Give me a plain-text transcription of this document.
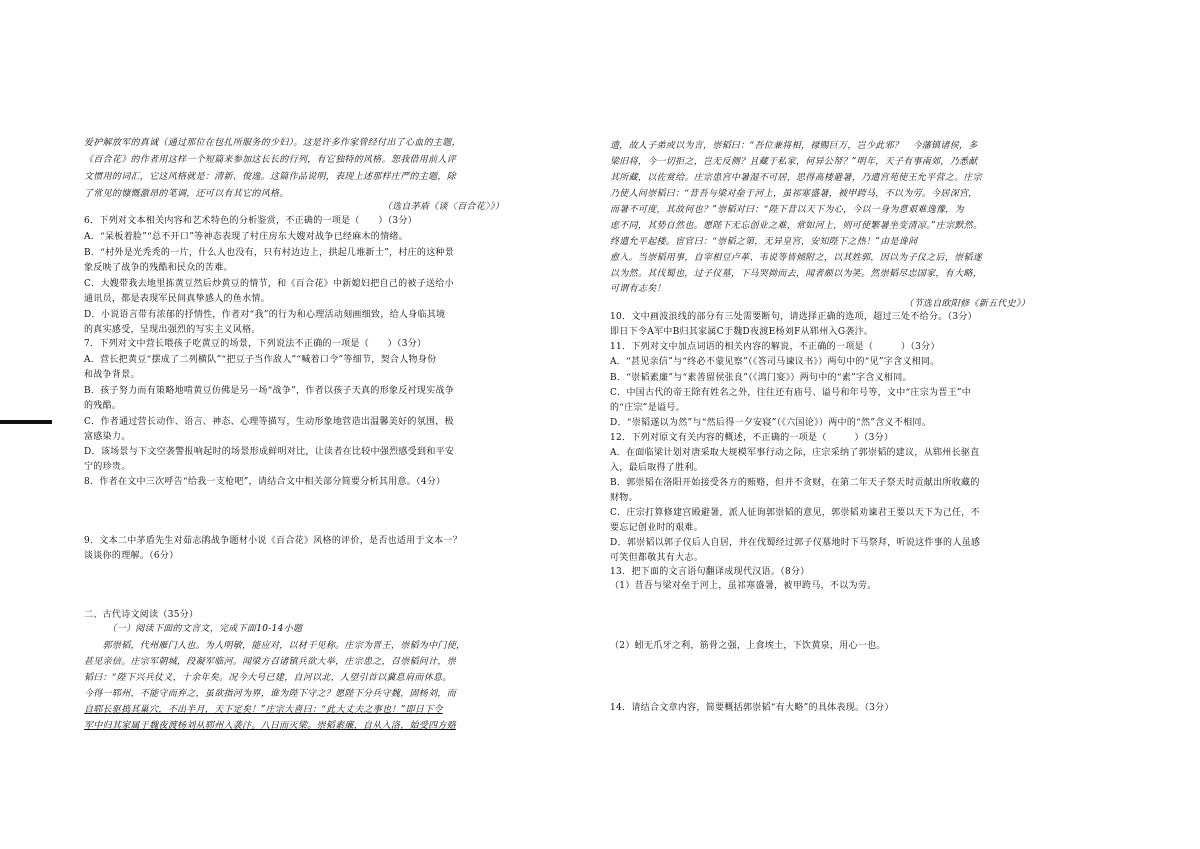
爱护解放军的真诚（通过那位在包扎所服务的少妇）。这是许多作家曾经付出了心血的主题，
《百合花》的作者用这样一个短篇来参加这长长的行列，有它独特的风格。恕我借用前人评
文惯用的词汇，它这风格就是：清新、俊逸。这篇作品说明，表现上述那样庄严的主题，除
了常见的慷慨激昂的笔调，还可以有其它的风格。
（选自茅盾《谈〈百合花〉》）
6．下列对文本相关内容和艺术特色的分析鉴赏，不正确的一项是（　　）（3分）
A．“呆板着脸”“总不开口”等神态表现了村庄房东大嫂对战争已经麻木的情绪。
B．“村外是光秃秃的一片，什么人也没有，只有村边边上，拱起几堆新土”，村庄的这种景
象反映了战争的残酷和民众的苦难。
C．大嫂带我去地里拣黄豆然后炒黄豆的情节，和《百合花》中新媳妇把自己的被子送给小
通讯员，都是表现军民间真挚感人的鱼水情。
D．小说语言带有浓郁的抒情性，作者对“我”的行为和心理活动刻画细致，给人身临其境
的真实感受，呈现出强烈的写实主义风格。
7．下列对文中营长喂孩子吃黄豆的场景，下列说法不正确的一项是（　　）（3分）
A．营长把黄豆“摆成了二列横队”“把豆子当作敌人”“喊着口令”等细节，契合人物身份
和战争背景。
B．孩子努力而有策略地啃黄豆仿佛是另一场“战争”，作者以孩子天真的形象反衬现实战争
的残酷。
C．作者通过营长动作、语言、神态、心理等描写，生动形象地营造出温馨美好的氛围，极
富感染力。
D．该场景与下文空袭警报响起时的场景形成鲜明对比，让读者在比较中强烈感受到和平安
宁的珍贵。
8．作者在文中三次呼告“给我一支枪吧”，请结合文中相关部分简要分析其用意。（4分）
9．文本二中茅盾先生对茹志鹃战争题材小说《百合花》风格的评价，是否也适用于文本一？
谈谈你的理解。（6分）
二、古代诗文阅读（35分）
　　　（一）阅读下面的文言文，完成下面10-14小题
　　郭崇韬，代州雁门人也。为人明敏，能应对，以材干见称。庄宗为晋王，崇韬为中门使，
甚见亲信。庄宗军朝城，段凝军临河。闻梁方召诸镇兵欲大举，庄宗患之，召崇韬问计，崇
韬曰：“陛下兴兵仗义，十余年矣。况今大号已建，自河以北，人望引首以冀息肩而休息。
今得一郓州，不能守而弃之，虽欲指河为界，谁为陛下守之？愿陛下分兵守魏，固杨刘，而
自郓长驱捣其巢穴，不出半月，天下定矣！”庄宗大喜曰：“此大丈夫之事也！”即日下令
军中归其家属于魏夜渡杨刘从郓州入袭汴。八日而灭梁。崇韬素廉，自从入洛，始受四方赂
遗，故人子弟或以为言，崇韬曰：“吾位兼将相，禄赐巨万，岂少此邪？　今藩镇诸侯，多
梁旧将，今一切拒之，岂无反侧？且藏于私家，何异公帑？”明年，天子有事南郊，乃悉献
其所藏，以佐赏给。庄宗患宫中暑湿不可居，思得高楼避暑，乃遣宫苑使王允平营之。庄宗
乃使人问崇韬曰：“昔吾与梁对垒于河上，虽祁寒盛暑，被甲跨马，不以为劳。今居深宫，
而暑不可度，其故何也？”崇韬对曰：“陛下昔以天下为心，今以一身为意艰难逸豫，为
虑不同，其势自然也。愿陛下无忘创业之难，常如河上，则可使繁暑坐变清凉。”庄宗默然。
终遣允平起楼。宦官曰：“崇韬之第，无异皇宫，安知陛下之热！”由是谗间
愈入。当崇韬用事，自宰相豆卢革、韦说等皆倾附之，以其姓郭，因以为子仪之后，崇韬遂
以为然。其伐蜀也，过子仪墓，下马哭拗而去，闻者颇以为笑。然崇韬尽忠国家，有大略，
可谓有志矣！
（节选自欧阳修《新五代史》）
10．文中画波浪线的部分有三处需要断句，请选择正确的选项，超过三处不给分。（3分）
即日下令A军中B归其家属C于魏D夜渡E杨刘F从郓州入G袭汴。
11．下列对文中加点词语的相关内容的解说，不正确的一项是（　　　）（3分）
A．“甚见亲信”与“终必不蒙见察”（《答司马谏议书》）两句中的“见”字含义相同。
B．“崇韬素廉”与“素善留侯张良”（《鸿门宴》）两句中的“素”字含义相同。
C．中国古代的帝王除有姓名之外，往往还有庙号、谥号和年号等，文中“庄宗为晋王”中
的“庄宗”是谥号。
D．“崇韬遂以为然”与“然后得一夕安寝”（《六国论》）两中的“然”含义不相同。
12．下列对原文有关内容的概述，不正确的一项是（　　　）（3分）
A．在面临梁计划对唐采取大规模军事行动之际，庄宗采纳了郭崇韬的建议，从郓州长驱直
入，最后取得了胜利。
B．郭崇韬在洛阳开始接受各方的贿赂，但并不贪财，在第二年天子祭天时贡献出所收藏的
财物。
C．庄宗打算修建宫殿避暑，派人征询郭崇韬的意见，郭崇韬劝谏君王要以天下为己任，不
要忘记创业时的艰难。
D．郭崇韬以郭子仪后人自居，并在伐蜀经过郭子仪墓地时下马祭拜，听说这件事的人虽感
可笑但都敬其有大志。
13．把下面的文言语句翻译成现代汉语。（8分）
（1）昔吾与梁对垒于河上，虽祁寒盛暑，被甲跨马，不以为劳。
（2）蚓无爪牙之利，筋骨之强，上食埃土，下饮黄泉，用心一也。
14．请结合文章内容，简要概括郭崇韬“有大略”的具体表现。（3分）
